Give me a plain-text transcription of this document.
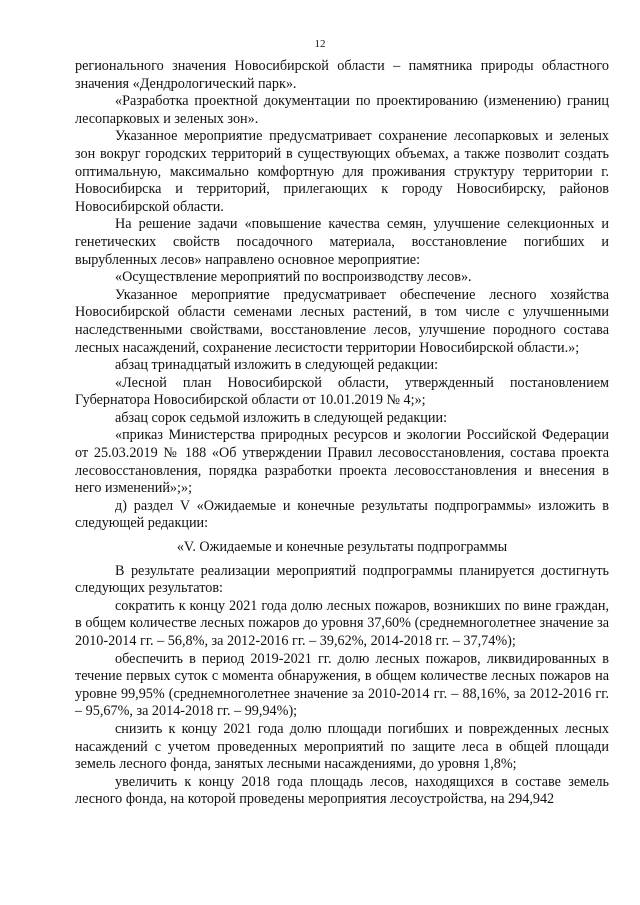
12

регионального значения Новосибирской области – памятника природы областного значения «Дендрологический парк».

«Разработка проектной документации по проектированию (изменению) границ лесопарковых и зеленых зон».

Указанное мероприятие предусматривает сохранение лесопарковых и зеленых зон вокруг городских территорий в существующих объемах, а также позволит создать оптимальную, максимально комфортную для проживания структуру территории г. Новосибирска и территорий, прилегающих к городу Новосибирску, районов Новосибирской области.

На решение задачи «повышение качества семян, улучшение селекционных и генетических свойств посадочного материала, восстановление погибших и вырубленных лесов» направлено основное мероприятие:

«Осуществление мероприятий по воспроизводству лесов».

Указанное мероприятие предусматривает обеспечение лесного хозяйства Новосибирской области семенами лесных растений, в том числе с улучшенными наследственными свойствами, восстановление лесов, улучшение породного состава лесных насаждений, сохранение лесистости территории Новосибирской области.»;

абзац тринадцатый изложить в следующей редакции:

«Лесной план Новосибирской области, утвержденный постановлением Губернатора Новосибирской области от 10.01.2019 № 4;»;

абзац сорок седьмой изложить в следующей редакции:

«приказ Министерства природных ресурсов и экологии Российской Федерации от 25.03.2019 № 188 «Об утверждении Правил лесовосстановления, состава проекта лесовосстановления, порядка разработки проекта лесовосстановления и внесения в него изменений»;»;

д) раздел V «Ожидаемые и конечные результаты подпрограммы» изложить в следующей редакции:

«V. Ожидаемые и конечные результаты подпрограммы

В результате реализации мероприятий подпрограммы планируется достигнуть следующих результатов:

сократить к концу 2021 года долю лесных пожаров, возникших по вине граждан, в общем количестве лесных пожаров до уровня 37,60% (среднемноголетнее значение за 2010-2014 гг. – 56,8%, за 2012-2016 гг. – 39,62%, 2014-2018 гг. – 37,74%);

обеспечить в период 2019-2021 гг. долю лесных пожаров, ликвидированных в течение первых суток с момента обнаружения, в общем количестве лесных пожаров на уровне 99,95% (среднемноголетнее значение за 2010-2014 гг. – 88,16%, за 2012-2016 гг. – 95,67%, за 2014-2018 гг. – 99,94%);

снизить к концу 2021 года долю площади погибших и поврежденных лесных насаждений с учетом проведенных мероприятий по защите леса в общей площади земель лесного фонда, занятых лесными насаждениями, до уровня 1,8%;

увеличить к концу 2018 года площадь лесов, находящихся в составе земель лесного фонда, на которой проведены мероприятия лесоустройства, на 294,942
